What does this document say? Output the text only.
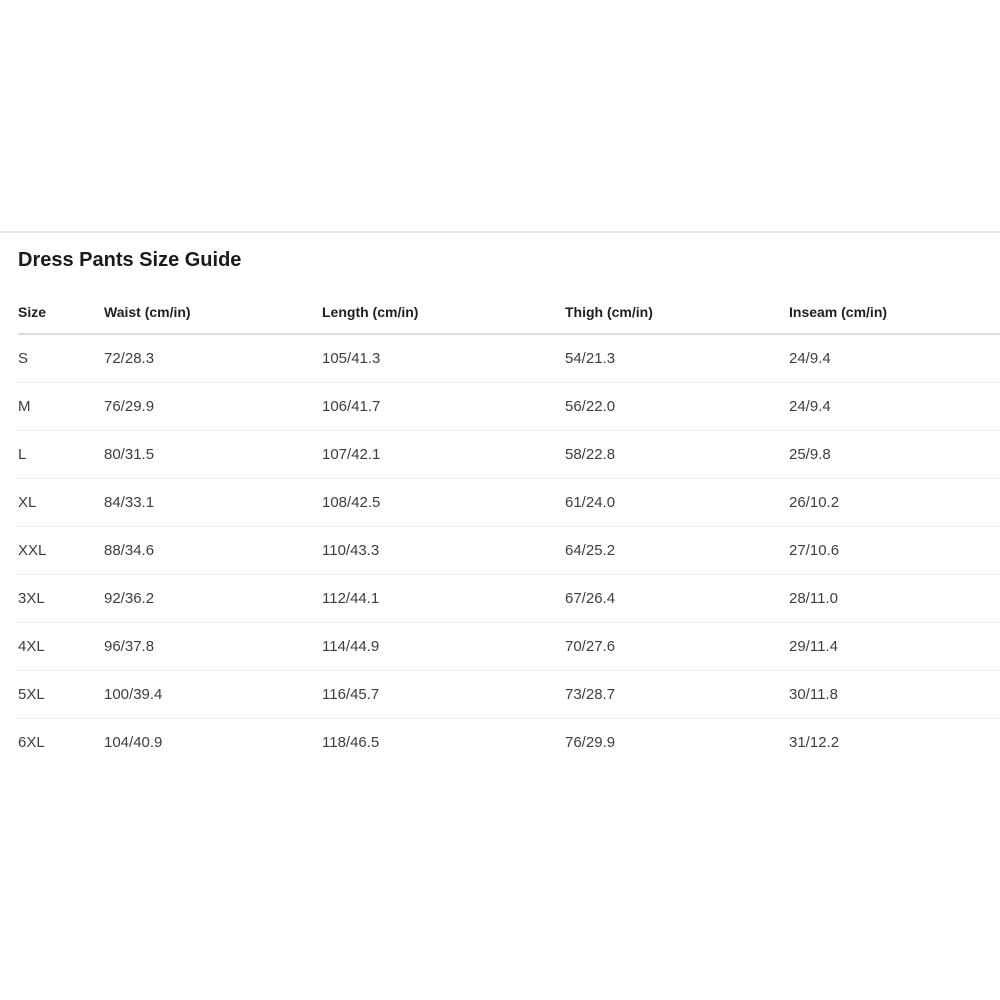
Dress Pants Size Guide
Size	Waist (cm/in)	Length (cm/in)	Thigh (cm/in)	Inseam (cm/in)
S	72/28.3	105/41.3	54/21.3	24/9.4
M	76/29.9	106/41.7	56/22.0	24/9.4
L	80/31.5	107/42.1	58/22.8	25/9.8
XL	84/33.1	108/42.5	61/24.0	26/10.2
XXL	88/34.6	110/43.3	64/25.2	27/10.6
3XL	92/36.2	112/44.1	67/26.4	28/11.0
4XL	96/37.8	114/44.9	70/27.6	29/11.4
5XL	100/39.4	116/45.7	73/28.7	30/11.8
6XL	104/40.9	118/46.5	76/29.9	31/12.2
